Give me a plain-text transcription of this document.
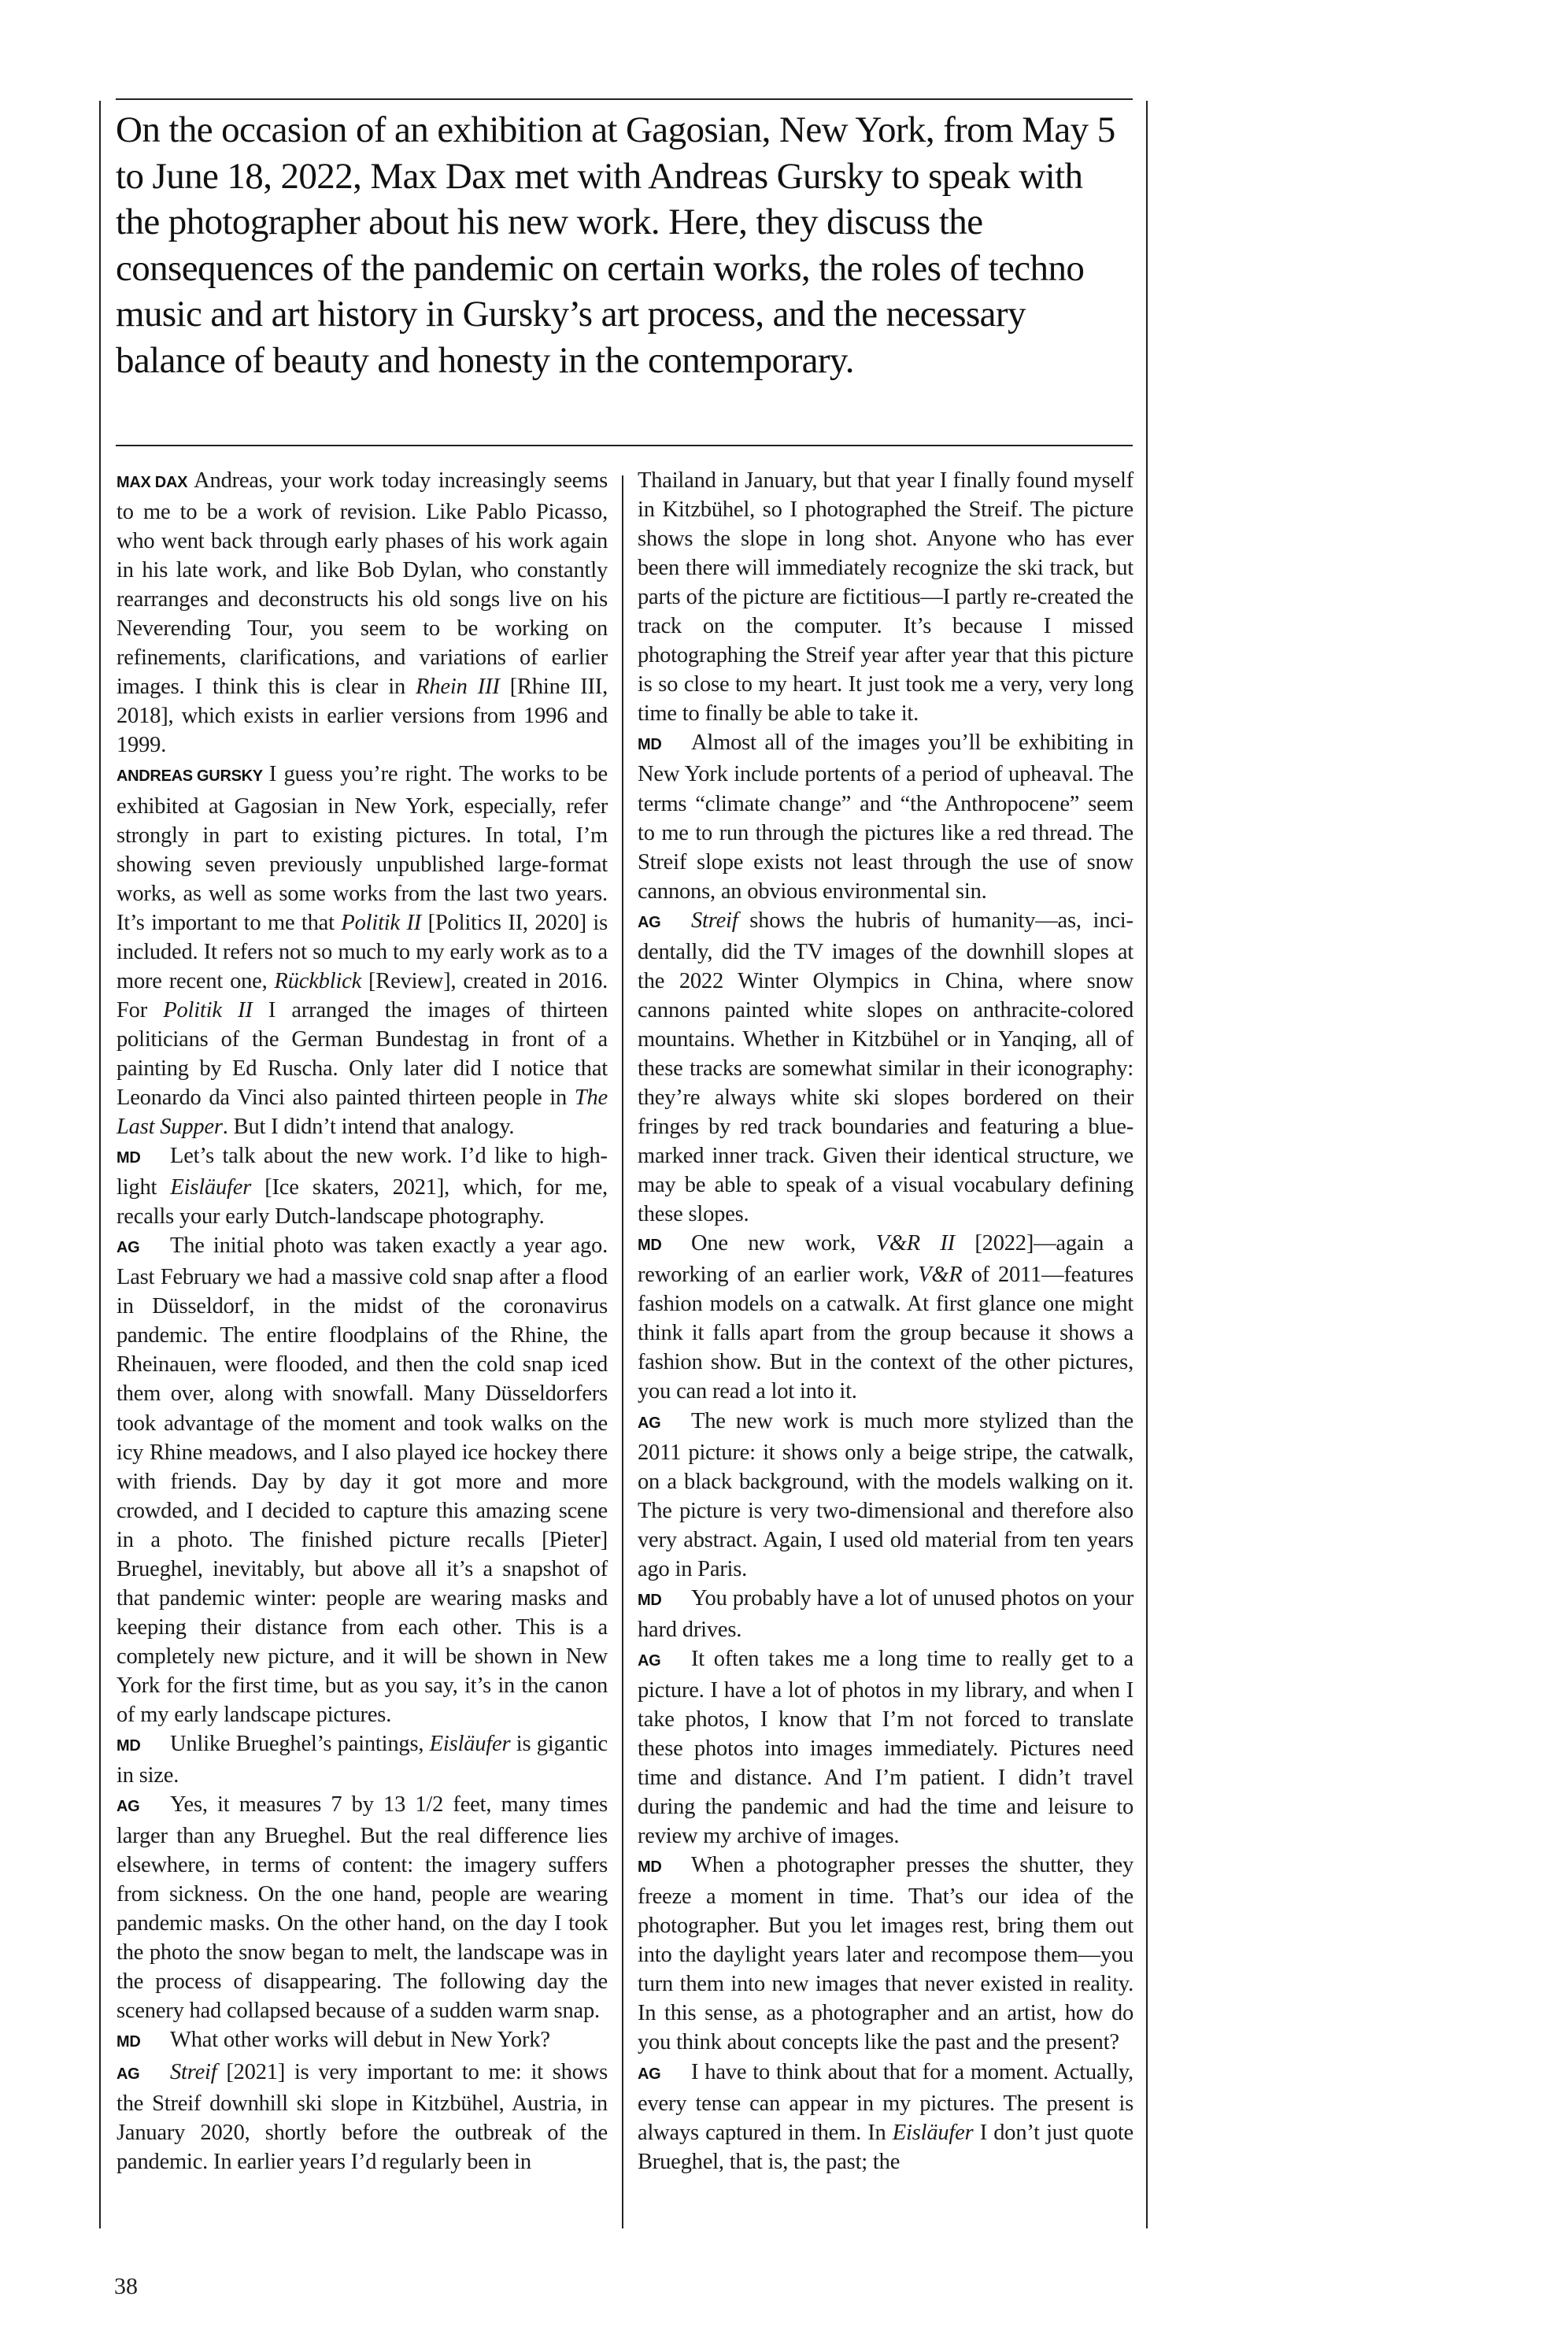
On the occasion of an exhibition at Gagosian, New York, from May 5 to June 18, 2022, Max Dax met with Andreas Gursky to speak with the photographer about his new work. Here, they discuss the consequences of the pandemic on certain works, the roles of techno music and art history in Gursky’s art process, and the necessary balance of beauty and honesty in the contemporary.

MAX DAX Andreas, your work today increasingly seems to me to be a work of revision. Like Pablo Picasso, who went back through early phases of his work again in his late work, and like Bob Dylan, who constantly rearranges and deconstructs his old songs live on his Neverending Tour, you seem to be working on refinements, clarifications, and variations of earlier images. I think this is clear in Rhein III [Rhine III, 2018], which exists in earlier versions from 1996 and 1999.

ANDREAS GURSKY I guess you’re right. The works to be exhibited at Gagosian in New York, especially, refer strongly in part to existing pictures. In total, I’m showing seven previously unpublished large-format works, as well as some works from the last two years. It’s important to me that Politik II [Politics II, 2020] is included. It refers not so much to my early work as to a more recent one, Rückblick [Review], created in 2016. For Politik II I arranged the images of thirteen politicians of the German Bundestag in front of a painting by Ed Ruscha. Only later did I notice that Leonardo da Vinci also painted thirteen people in The Last Supper. But I didn’t intend that analogy.

MD Let’s talk about the new work. I’d like to highlight Eisläufer [Ice skaters, 2021], which, for me, recalls your early Dutch-landscape photography.

AG The initial photo was taken exactly a year ago. Last February we had a massive cold snap after a flood in Düsseldorf, in the midst of the coronavirus pandemic. The entire floodplains of the Rhine, the Rheinauen, were flooded, and then the cold snap iced them over, along with snowfall. Many Düsseldorfers took advantage of the moment and took walks on the icy Rhine meadows, and I also played ice hockey there with friends. Day by day it got more and more crowded, and I decided to capture this amazing scene in a photo. The finished picture recalls [Pieter] Brueghel, inevitably, but above all it’s a snapshot of that pandemic winter: people are wearing masks and keeping their distance from each other. This is a completely new picture, and it will be shown in New York for the first time, but as you say, it’s in the canon of my early landscape pictures.

MD Unlike Brueghel’s paintings, Eisläufer is gigantic in size.

AG Yes, it measures 7 by 13 1/2 feet, many times larger than any Brueghel. But the real difference lies elsewhere, in terms of content: the imagery suffers from sickness. On the one hand, people are wearing pandemic masks. On the other hand, on the day I took the photo the snow began to melt, the landscape was in the process of disappearing. The following day the scenery had collapsed because of a sudden warm snap.

MD What other works will debut in New York?

AG Streif [2021] is very important to me: it shows the Streif downhill ski slope in Kitzbühel, Austria, in January 2020, shortly before the outbreak of the pandemic. In earlier years I’d regularly been in

Thailand in January, but that year I finally found myself in Kitzbühel, so I photographed the Streif. The picture shows the slope in long shot. Anyone who has ever been there will immediately recognize the ski track, but parts of the picture are fictitious—I partly re-created the track on the computer. It’s because I missed photographing the Streif year after year that this picture is so close to my heart. It just took me a very, very long time to finally be able to take it.

MD Almost all of the images you’ll be exhibiting in New York include portents of a period of upheaval. The terms “climate change” and “the Anthropocene” seem to me to run through the pictures like a red thread. The Streif slope exists not least through the use of snow cannons, an obvious environmental sin.

AG Streif shows the hubris of humanity—as, incidentally, did the TV images of the downhill slopes at the 2022 Winter Olympics in China, where snow cannons painted white slopes on anthracite-colored mountains. Whether in Kitzbühel or in Yanqing, all of these tracks are somewhat similar in their iconography: they’re always white ski slopes bordered on their fringes by red track boundaries and featuring a blue-marked inner track. Given their identical structure, we may be able to speak of a visual vocabulary defining these slopes.

MD One new work, V&R II [2022]—again a reworking of an earlier work, V&R of 2011—features fashion models on a catwalk. At first glance one might think it falls apart from the group because it shows a fashion show. But in the context of the other pictures, you can read a lot into it.

AG The new work is much more stylized than the 2011 picture: it shows only a beige stripe, the catwalk, on a black background, with the models walking on it. The picture is very two-dimensional and therefore also very abstract. Again, I used old material from ten years ago in Paris.

MD You probably have a lot of unused photos on your hard drives.

AG It often takes me a long time to really get to a picture. I have a lot of photos in my library, and when I take photos, I know that I’m not forced to translate these photos into images immediately. Pictures need time and distance. And I’m patient. I didn’t travel during the pandemic and had the time and leisure to review my archive of images.

MD When a photographer presses the shutter, they freeze a moment in time. That’s our idea of the photographer. But you let images rest, bring them out into the daylight years later and recompose them—you turn them into new images that never existed in reality. In this sense, as a photographer and an artist, how do you think about concepts like the past and the present?

AG I have to think about that for a moment. Actually, every tense can appear in my pictures. The present is always captured in them. In Eisläufer I don’t just quote Brueghel, that is, the past; the

38
